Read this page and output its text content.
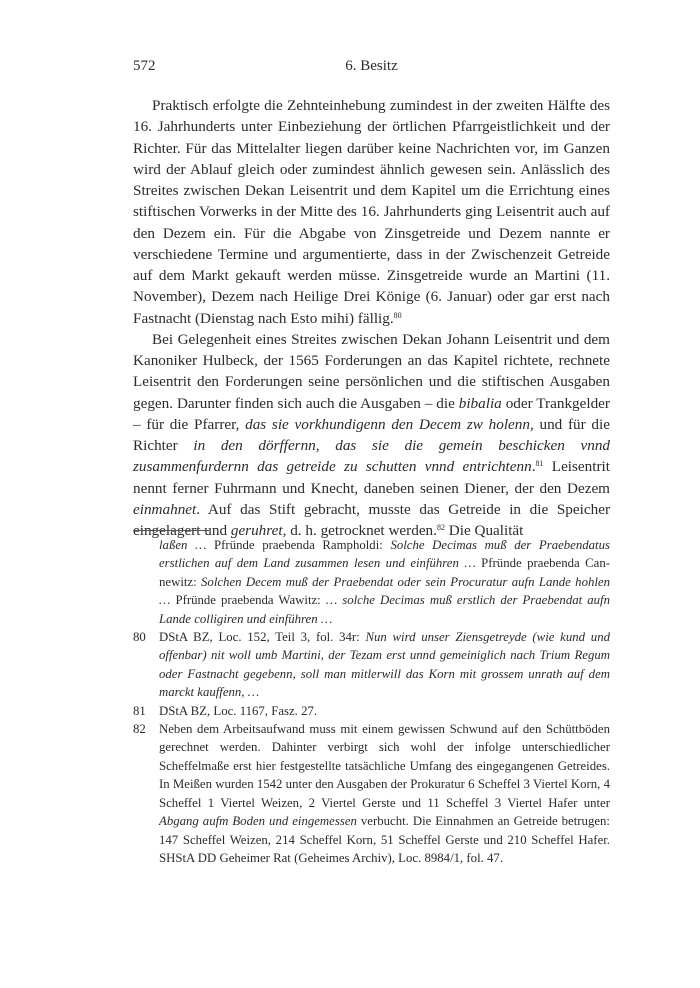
572	6. Besitz

Praktisch erfolgte die Zehnteinhebung zumindest in der zweiten Hälfte des 16. Jahrhunderts unter Einbeziehung der örtlichen Pfarrgeistlichkeit und der Richter. Für das Mittelalter liegen darüber keine Nachrichten vor, im Ganzen wird der Ablauf gleich oder zumindest ähnlich gewesen sein. Anlässlich des Streites zwischen Dekan Leisentrit und dem Kapitel um die Errichtung eines stiftischen Vorwerks in der Mitte des 16. Jahrhunderts ging Leisentrit auch auf den Dezem ein. Für die Abgabe von Zinsgetreide und Dezem nannte er verschiedene Termine und argumentierte, dass in der Zwischenzeit Getreide auf dem Markt gekauft werden müsse. Zinsgetreide wurde an Martini (11. November), Dezem nach Heilige Drei Könige (6. Januar) oder gar erst nach Fastnacht (Dienstag nach Esto mihi) fällig.$^{80}$

Bei Gelegenheit eines Streites zwischen Dekan Johann Leisentrit und dem Kanoniker Hulbeck, der 1565 Forderungen an das Kapitel richtete, rechnete Leisentrit den Forderungen seine persönlichen und die stiftischen Ausgaben gegen. Darunter finden sich auch die Ausgaben – die bibalia oder Trankgelder – für die Pfarrer, das sie vorkhundigenn den Decem zw holenn, und für die Richter in den dörffernn, das sie die gemein beschicken vnnd zusammenfurdernn das getreide zu schutten vnnd entrichtenn.$^{81}$ Leisentrit nennt ferner Fuhrmann und Knecht, daneben seinen Diener, der den Dezem einmahnet. Auf das Stift gebracht, musste das Getreide in die Speicher eingelagert und geruhret, d. h. getrocknet werden.$^{82}$ Die Qualität

laßen … Pfründe praebenda Rampholdi: Solche Decimas muß der Praebendatus erstlichen auf dem Land zusammen lesen und einführen … Pfründe praebenda Cannewitz: Solchen Decem muß der Praebendat oder sein Procuratur aufn Lande hohlen … Pfründe praebenda Wawitz: … solche Decimas muß erstlich der Praebendat aufn Lande colligiren und einführen …
80 DStA BZ, Loc. 152, Teil 3, fol. 34r: Nun wird unser Ziensgetreyde (wie kund und offenbar) nit woll umb Martini, der Tezam erst unnd gemeiniglich nach Trium Regum oder Fastnacht gegebenn, soll man mitlerwill das Korn mit grossem unrath auf dem marckt kauffenn, …
81 DStA BZ, Loc. 1167, Fasz. 27.
82 Neben dem Arbeitsaufwand muss mit einem gewissen Schwund auf den Schüttböden gerechnet werden. Dahinter verbirgt sich wohl der infolge unterschiedlicher Scheffelmaße erst hier festgestellte tatsächliche Umfang des eingegangenen Getreides. In Meißen wurden 1542 unter den Ausgaben der Prokuratur 6 Scheffel 3 Viertel Korn, 4 Scheffel 1 Viertel Weizen, 2 Viertel Gerste und 11 Scheffel 3 Viertel Hafer unter Abgang aufm Boden und eingemessen verbucht. Die Einnahmen an Getreide betrugen: 147 Scheffel Weizen, 214 Scheffel Korn, 51 Scheffel Gerste und 210 Scheffel Hafer. SHStA DD Geheimer Rat (Geheimes Archiv), Loc. 8984/1, fol. 47.
